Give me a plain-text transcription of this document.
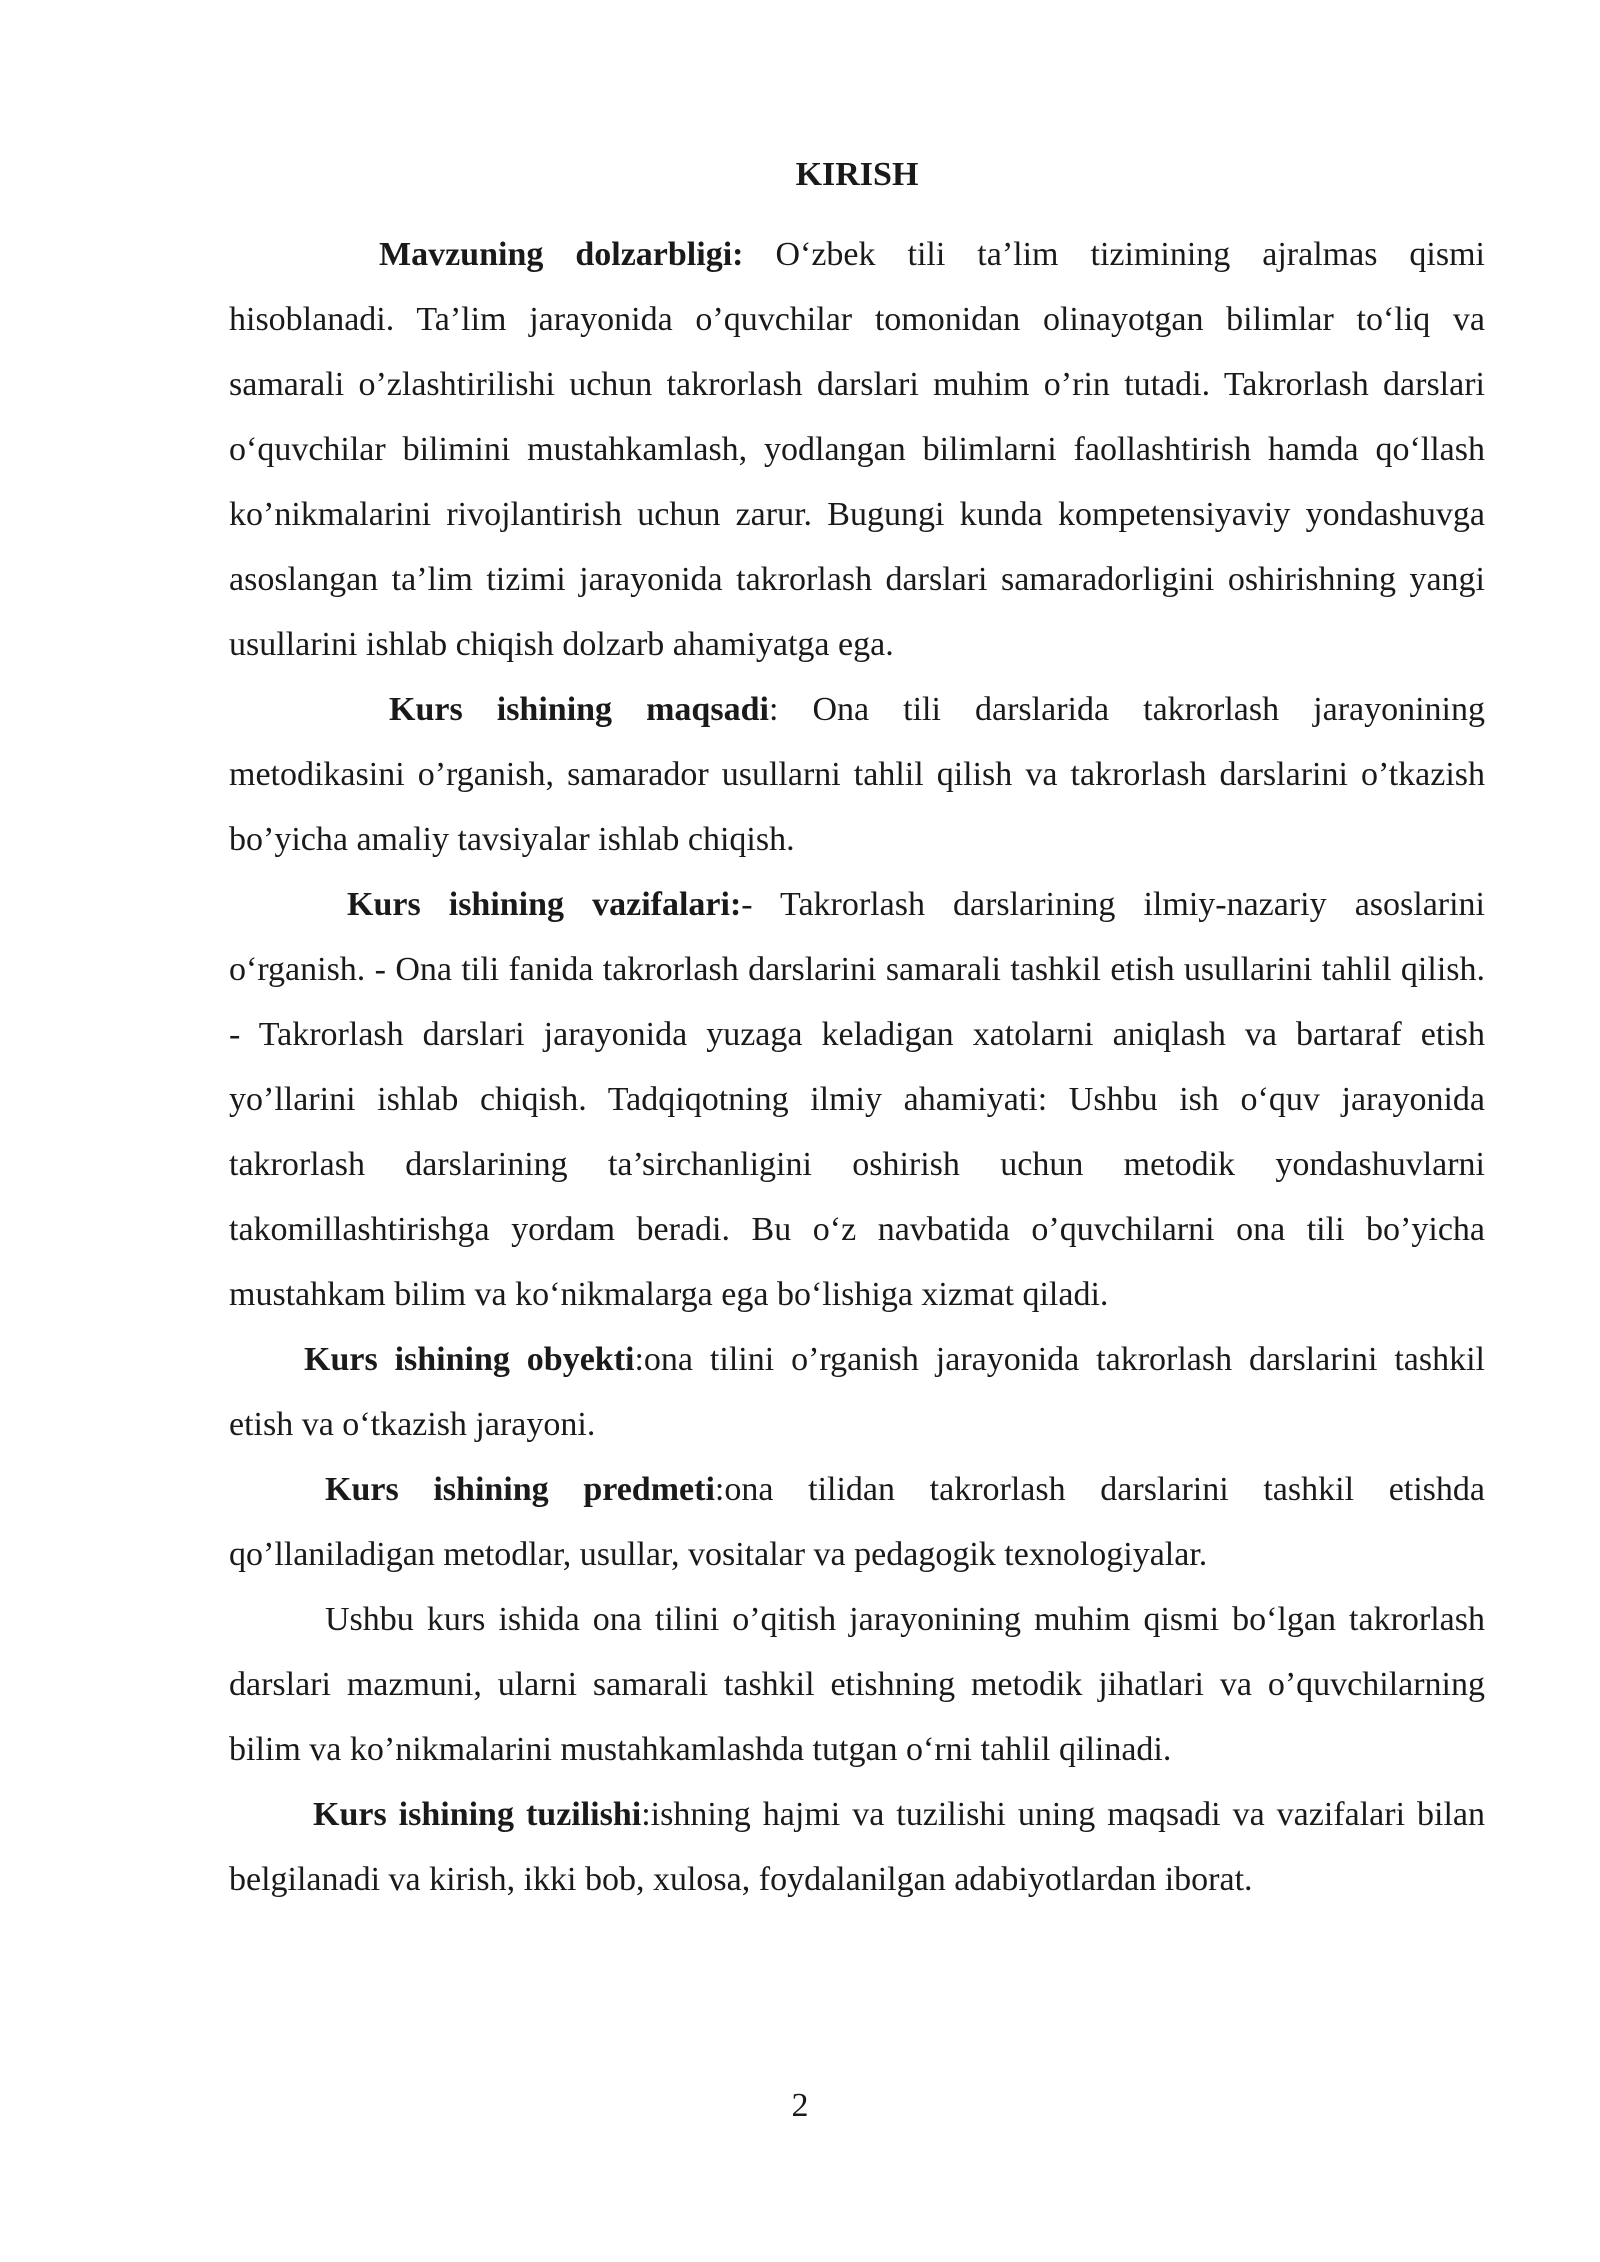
KIRISH

Mavzuning dolzarbligi: O‘zbek tili ta’lim tizimining ajralmas qismi hisoblanadi. Ta’lim jarayonida o’quvchilar tomonidan olinayotgan bilimlar to‘liq va samarali o’zlashtirilishi uchun takrorlash darslari muhim o’rin tutadi. Takrorlash darslari o‘quvchilar bilimini mustahkamlash, yodlangan bilimlarni faollashtirish hamda qo‘llash ko’nikmalarini rivojlantirish uchun zarur. Bugungi kunda kompetensiyaviy yondashuvga asoslangan ta’lim tizimi jarayonida takrorlash darslari samaradorligini oshirishning yangi usullarini ishlab chiqish dolzarb ahamiyatga ega.

Kurs ishining maqsadi: Ona tili darslarida takrorlash jarayonining metodikasini o’rganish, samarador usullarni tahlil qilish va takrorlash darslarini o’tkazish bo’yicha amaliy tavsiyalar ishlab chiqish.

Kurs ishining vazifalari:- Takrorlash darslarining ilmiy-nazariy asoslarini o‘rganish. - Ona tili fanida takrorlash darslarini samarali tashkil etish usullarini tahlil qilish. - Takrorlash darslari jarayonida yuzaga keladigan xatolarni aniqlash va bartaraf etish yo’llarini ishlab chiqish. Tadqiqotning ilmiy ahamiyati: Ushbu ish o‘quv jarayonida takrorlash darslarining ta’sirchanligini oshirish uchun metodik yondashuvlarni takomillashtirishga yordam beradi. Bu o‘z navbatida o’quvchilarni ona tili bo’yicha mustahkam bilim va ko‘nikmalarga ega bo‘lishiga xizmat qiladi.

Kurs ishining obyekti:ona tilini o’rganish jarayonida takrorlash darslarini tashkil etish va o‘tkazish jarayoni.

Kurs ishining predmeti:ona tilidan takrorlash darslarini tashkil etishda qo’llaniladigan metodlar, usullar, vositalar va pedagogik texnologiyalar.

Ushbu kurs ishida ona tilini o’qitish jarayonining muhim qismi bo‘lgan takrorlash darslari mazmuni, ularni samarali tashkil etishning metodik jihatlari va o’quvchilarning bilim va ko’nikmalarini mustahkamlashda tutgan o‘rni tahlil qilinadi.

Kurs ishining tuzilishi:ishning hajmi va tuzilishi uning maqsadi va vazifalari bilan belgilanadi va kirish, ikki bob, xulosa, foydalanilgan adabiyotlardan iborat.

2
